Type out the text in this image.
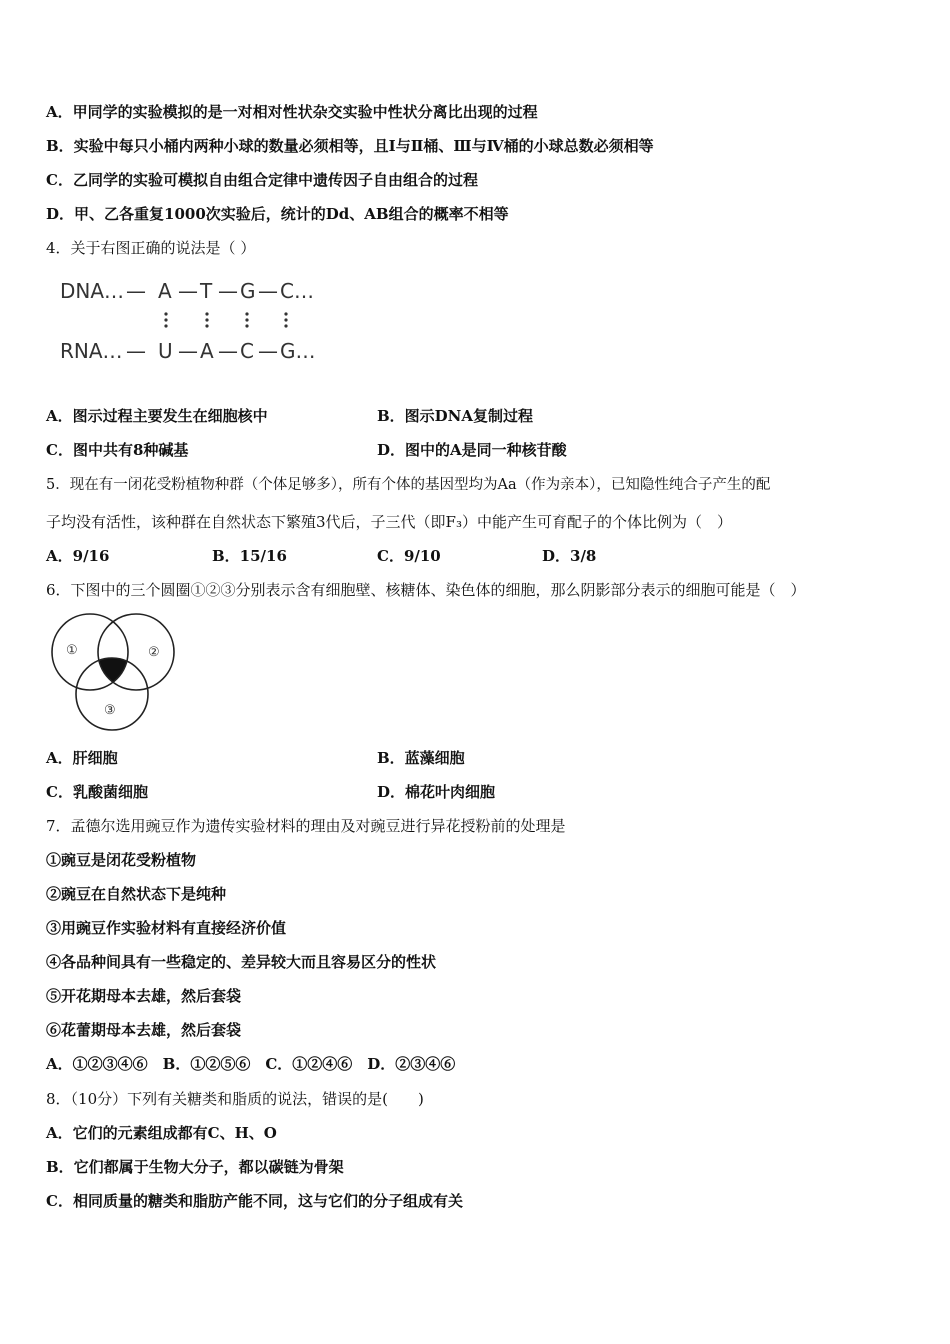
A．甲同学的实验模拟的是一对相对性状杂交实验中性状分离比出现的过程
B．实验中每只小桶内两种小球的数量必须相等，且Ⅰ与Ⅱ桶、Ⅲ与Ⅳ桶的小球总数必须相等
C．乙同学的实验可模拟自由组合定律中遗传因子自由组合的过程
D．甲、乙各重复1000次实验后，统计的Dd、AB组合的概率不相等
4．关于右图正确的说法是（ ）
DNA… — A — T — G — C…
RNA… — U — A — C — G…
A．图示过程主要发生在细胞核中	B．图示DNA复制过程
C．图中共有8种碱基	D．图中的A是同一种核苷酸
5．现在有一闭花受粉植物种群（个体足够多），所有个体的基因型均为Aa（作为亲本），已知隐性纯合子产生的配
子均没有活性，该种群在自然状态下繁殖3代后，子三代（即F₃）中能产生可育配子的个体比例为（　）
A．9/16	B．15/16	C．9/10	D．3/8
6．下图中的三个圆圈①②③分别表示含有细胞壁、核糖体、染色体的细胞，那么阴影部分表示的细胞可能是（　）
①	②
③
A．肝细胞	B．蓝藻细胞
C．乳酸菌细胞	D．棉花叶肉细胞
7．孟德尔选用豌豆作为遗传实验材料的理由及对豌豆进行异花授粉前的处理是
①豌豆是闭花受粉植物
②豌豆在自然状态下是纯种
③用豌豆作实验材料有直接经济价值
④各品种间具有一些稳定的、差异较大而且容易区分的性状
⑤开花期母本去雄，然后套袋
⑥花蕾期母本去雄，然后套袋
A．①②③④⑥　B．①②⑤⑥　C．①②④⑥　D．②③④⑥
8．（10分）下列有关糖类和脂质的说法，错误的是(　　)
A．它们的元素组成都有C、H、O
B．它们都属于生物大分子，都以碳链为骨架
C．相同质量的糖类和脂肪产能不同，这与它们的分子组成有关
